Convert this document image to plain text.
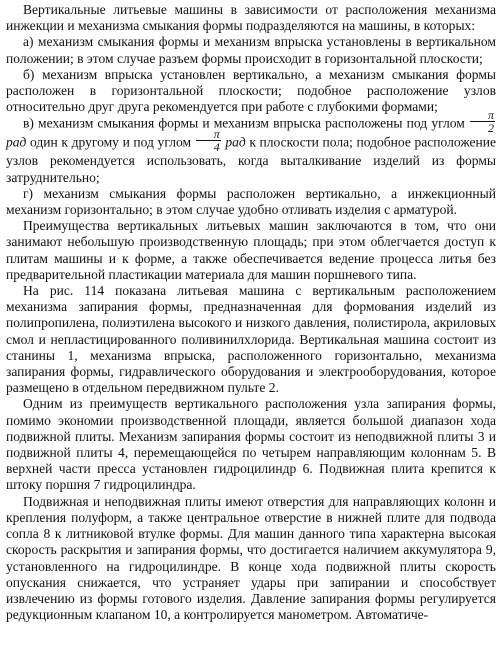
Вертикальные литьевые машины в зависимости от расположения механизма инжекции и механизма смыкания формы подразделяются на машины, в которых:

а) механизм смыкания формы и механизм впрыска установлены в вертикальном положении; в этом случае разъем формы происходит в горизонтальной плоскости;

б) механизм впрыска установлен вертикально, а механизм смыкания формы расположен в горизонтальной плоскости; подобное расположение узлов относительно друг друга рекомендуется при работе с глубокими формами;

в) механизм смыкания формы и механизм впрыска расположены под углом $\frac{\pi}{2}$
рад один к другому и под углом $\frac{\pi}{4}$ рад к плоскости пола; подобное расположение узлов рекомендуется использовать, когда выталкивание изделий из формы затруднительно;

г) механизм смыкания формы расположен вертикально, а инжекционный механизм горизонтально; в этом случае удобно отливать изделия с арматурой.

Преимущества вертикальных литьевых машин заключаются в том, что они занимают небольшую производственную площадь; при этом облегчается доступ к плитам машины и к форме, а также обеспечивается ведение процесса литья без предварительной пластикации материала для машин поршневого типа.

На рис. 114 показана литьевая машина с вертикальным расположением механизма запирания формы, предназначенная для формования изделий из полипропилена, полиэтилена высокого и низкого давления, полистирола, акриловых смол и непластицированного поливинилхлорида. Вертикальная машина состоит из станины 1, механизма впрыска, расположенного горизонтально, механизма запирания формы, гидравлического оборудования и электрооборудования, которое размещено в отдельном передвижном пульте 2.

Одним из преимуществ вертикального расположения узла запирания формы, помимо экономии производственной площади, является большой диапазон хода подвижной плиты. Механизм запирания формы состоит из неподвижной плиты 3 и подвижной плиты 4, перемещающейся по четырем направляющим колоннам 5. В верхней части пресса установлен гидроцилиндр 6. Подвижная плита крепится к штоку поршня 7 гидроцилиндра.

Подвижная и неподвижная плиты имеют отверстия для направляющих колонн и крепления полуформ, а также центральное отверстие в нижней плите для подвода сопла 8 к литниковой втулке формы. Для машин данного типа характерна высокая скорость раскрытия и запирания формы, что достигается наличием аккумулятора 9, установленного на гидроцилиндре. В конце хода подвижной плиты скорость опускания снижается, что устраняет удары при запирании и способствует извлечению из формы готового изделия. Давление запирания формы регулируется редукционным клапаном 10, а контролируется манометром. Автоматиче-
